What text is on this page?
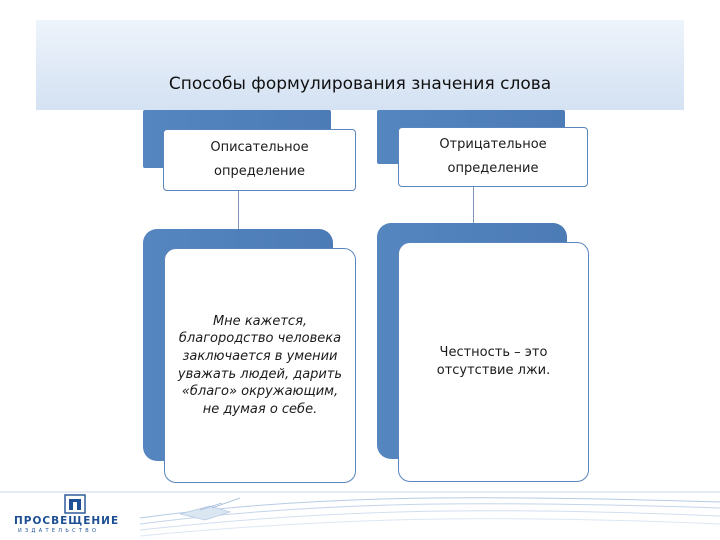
Способы формулирования значения слова
Описательное определение
Мне кажется, благородство человека заключается в умении уважать людей, дарить «благо» окружающим, не думая о себе.
Отрицательное определение
Честность – это отсутствие лжи.
ПРОСВЕЩЕНИЕ
ИЗДАТЕЛЬСТВО
